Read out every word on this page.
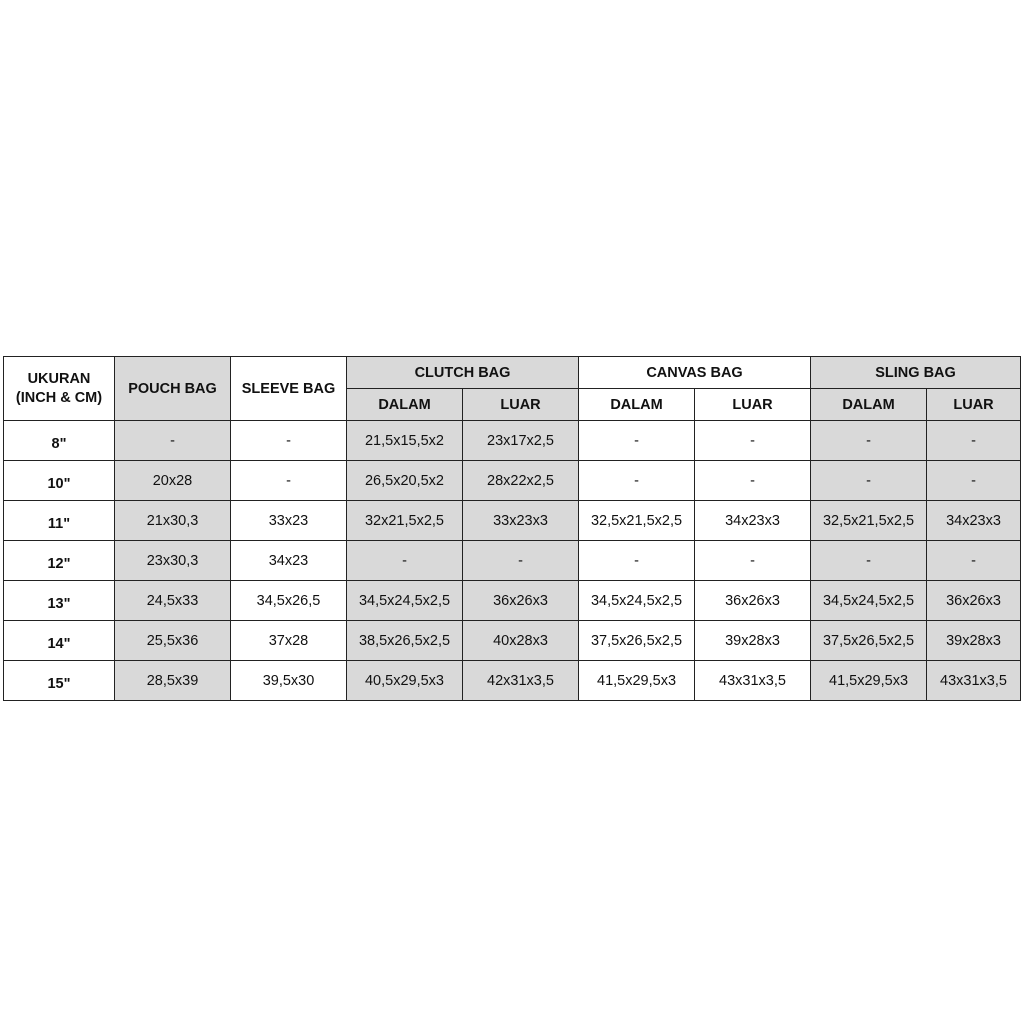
UKURAN
(INCH & CM)	POUCH BAG	SLEEVE BAG	CLUTCH BAG		CANVAS BAG		SLING BAG	
			DALAM	LUAR	DALAM	LUAR	DALAM	LUAR
8"	-	-	21,5x15,5x2	23x17x2,5	-	-	-	-
10"	20x28	-	26,5x20,5x2	28x22x2,5	-	-	-	-
11"	21x30,3	33x23	32x21,5x2,5	33x23x3	32,5x21,5x2,5	34x23x3	32,5x21,5x2,5	34x23x3
12"	23x30,3	34x23	-	-	-	-	-	-
13"	24,5x33	34,5x26,5	34,5x24,5x2,5	36x26x3	34,5x24,5x2,5	36x26x3	34,5x24,5x2,5	36x26x3
14"	25,5x36	37x28	38,5x26,5x2,5	40x28x3	37,5x26,5x2,5	39x28x3	37,5x26,5x2,5	39x28x3
15"	28,5x39	39,5x30	40,5x29,5x3	42x31x3,5	41,5x29,5x3	43x31x3,5	41,5x29,5x3	43x31x3,5
